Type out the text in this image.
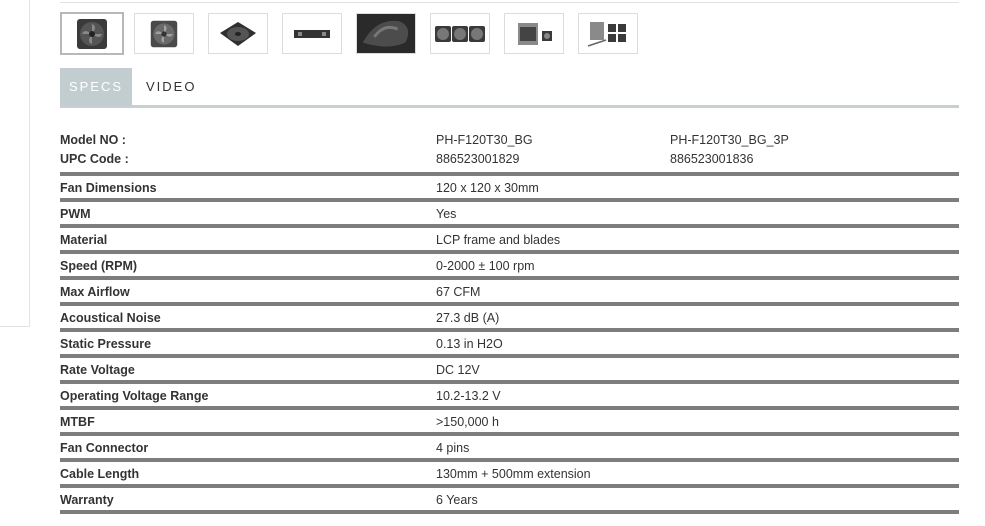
SPECS	VIDEO
Model NO :	PH-F120T30_BG	PH-F120T30_BG_3P
UPC Code :	886523001829	886523001836
Fan Dimensions	120 x 120 x 30mm
PWM	Yes
Material	LCP frame and blades
Speed (RPM)	0-2000 ± 100 rpm
Max Airflow	67 CFM
Acoustical Noise	27.3 dB (A)
Static Pressure	0.13 in H2O
Rate Voltage	DC 12V
Operating Voltage Range	10.2-13.2 V
MTBF	>150,000 h
Fan Connector	4 pins
Cable Length	130mm + 500mm extension
Warranty	6 Years
